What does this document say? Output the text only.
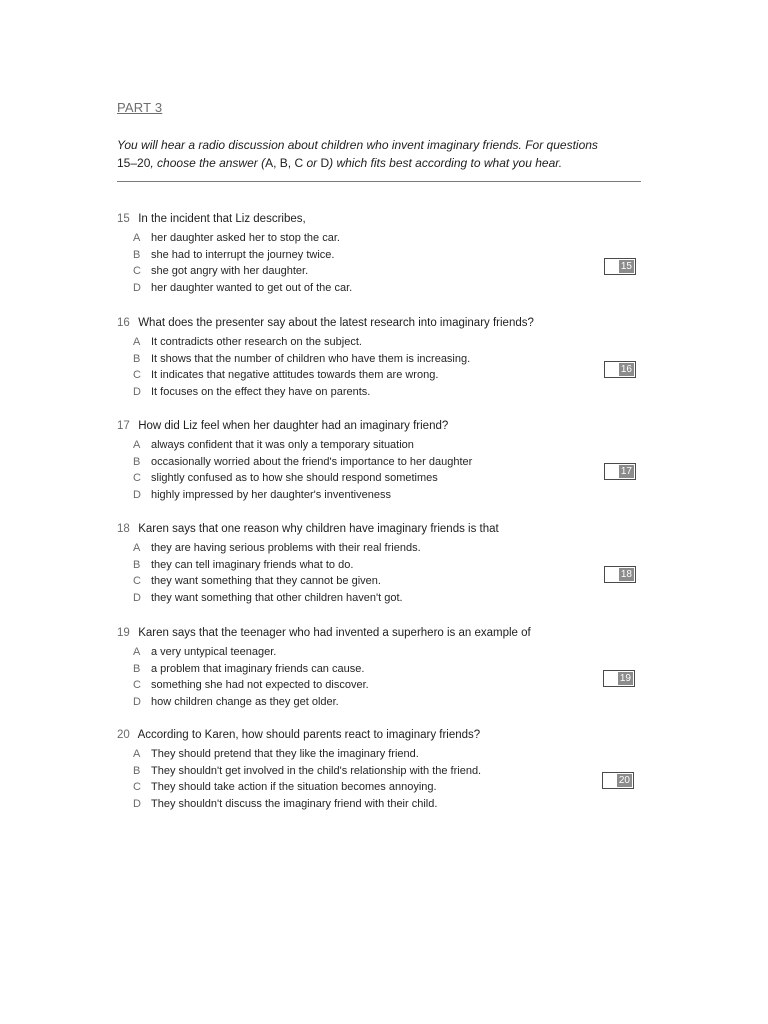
PART 3
You will hear a radio discussion about children who invent imaginary friends. For questions
15–20, choose the answer (A, B, C or D) which fits best according to what you hear.
15 In the incident that Liz describes,
A her daughter asked her to stop the car.
B she had to interrupt the journey twice.
C she got angry with her daughter.
D her daughter wanted to get out of the car.
15
16 What does the presenter say about the latest research into imaginary friends?
A It contradicts other research on the subject.
B It shows that the number of children who have them is increasing.
C It indicates that negative attitudes towards them are wrong.
D It focuses on the effect they have on parents.
16
17 How did Liz feel when her daughter had an imaginary friend?
A always confident that it was only a temporary situation
B occasionally worried about the friend's importance to her daughter
C slightly confused as to how she should respond sometimes
D highly impressed by her daughter's inventiveness
17
18 Karen says that one reason why children have imaginary friends is that
A they are having serious problems with their real friends.
B they can tell imaginary friends what to do.
C they want something that they cannot be given.
D they want something that other children haven't got.
18
19 Karen says that the teenager who had invented a superhero is an example of
A a very untypical teenager.
B a problem that imaginary friends can cause.
C something she had not expected to discover.
D how children change as they get older.
19
20 According to Karen, how should parents react to imaginary friends?
A They should pretend that they like the imaginary friend.
B They shouldn't get involved in the child's relationship with the friend.
C They should take action if the situation becomes annoying.
D They shouldn't discuss the imaginary friend with their child.
20
